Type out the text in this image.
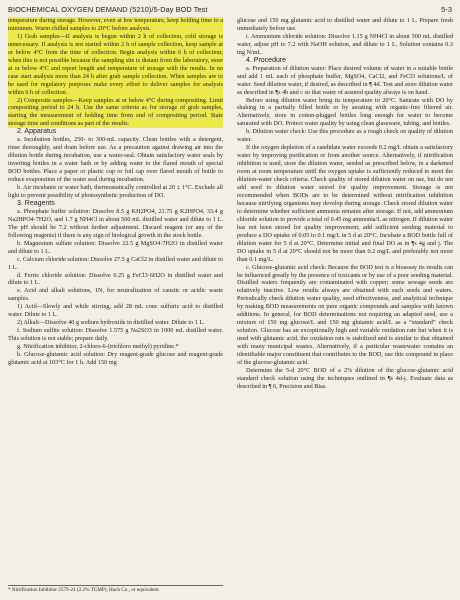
BIOCHEMICAL OXYGEN DEMAND (5210)/5-Day BOD Test	5-3

temperature during storage. However, even at low temperature, keep holding time to a minimum. Warm chilled samples to 20°C before analysis.

1) Grab samples—If analysis is begun within 2 h of collection, cold storage is unnecessary. If analysis is not started within 2 h of sample collection, keep sample at or below 4°C from the time of collection. Begin analysis within 6 h of collection; when this is not possible because the sampling site is distant from the laboratory, store at or below 4°C and report length and temperature of storage with the results. In no case start analysis more than 24 h after grab sample collection. When samples are to be used for regulatory purposes make every effort to deliver samples for analysis within 6 h of collection.

2) Composite samples—Keep samples at or below 4°C during compositing. Limit compositing period to 24 h. Use the same criteria as for storage of grab samples, starting the measurement of holding time from end of compositing period. State storage time and conditions as part of the results.

2. Apparatus

a. Incubation bottles, 250- to 300-mL capacity. Clean bottles with a detergent, rinse thoroughly, and drain before use. As a precaution against drawing air into the dilution bottle during incubation, use a water-seal. Obtain satisfactory water seals by inverting bottles in a water bath or by adding water to the flared mouth of special BOD bottles. Place a paper or plastic cup or foil cap over flared mouth of bottle to reduce evaporation of the water seal during incubation.

b. Air incubator or water bath, thermostatically controlled at 20 ± 1°C. Exclude all light to prevent possibility of photosynthetic production of DO.

3. Reagents

a. Phosphate buffer solution: Dissolve 8.5 g KH2PO4, 21.75 g K2HPO4, 33.4 g Na2HPO4·7H2O, and 1.7 g NH4Cl in about 500 mL distilled water and dilute to 1 L. The pH should be 7.2 without further adjustment. Discard reagent (or any of the following reagents) if there is any sign of biological growth in the stock bottle.

b. Magnesium sulfate solution: Dissolve 22.5 g MgSO4·7H2O in distilled water and dilute to 1 L.

c. Calcium chloride solution: Dissolve 27.5 g CaCl2 in distilled water and dilute to 1 L.

d. Ferric chloride solution: Dissolve 0.25 g FeCl3·6H2O in distilled water and dilute to 1 L.

e. Acid and alkali solutions, 1N, for neutralization of caustic or acidic waste samples.

1) Acid—Slowly and while stirring, add 28 mL conc sulfuric acid to distilled water. Dilute to 1 L.

2) Alkali—Dissolve 40 g sodium hydroxide in distilled water. Dilute to 1 L.

f. Sodium sulfite solution: Dissolve 1.575 g Na2SO3 in 1000 mL distilled water. This solution is not stable; prepare daily.

g. Nitrification inhibitor, 2-chloro-6-(trichloro methyl) pyridine.*

h. Glucose-glutamic acid solution: Dry reagent-grade glucose and reagent-grade glutamic acid at 103°C for 1 h. Add 150 mg

* Nitrification Inhibitor 2579-24 (2.2% TCMP), Hach Co., or equivalent.

glucose and 150 mg glutamic acid to distilled water and dilute to 1 L. Prepare fresh immediately before use.

i. Ammonium chloride solution: Dissolve 1.15 g NH4Cl in about 500 mL distilled water, adjust pH to 7.2 with NaOH solution, and dilute to 1 L. Solution contains 0.3 mg N/mL.

4. Procedure

a. Preparation of dilution water: Place desired volume of water in a suitable bottle and add 1 mL each of phosphate buffer, MgSO4, CaCl2, and FeCl3 solutions/L of water. Seed dilution water, if desired, as described in ¶ 4d. Test and store dilution water as described in ¶s 4b and c so that water of assured quality always is on hand.

Before using dilution water bring its temperature to 20°C. Saturate with DO by shaking in a partially filled bottle or by aerating with organic-free filtered air. Alternatively, store in cotton-plugged bottles long enough for water to become saturated with DO. Protect water quality by using clean glassware, tubing, and bottles.

b. Dilution water check: Use this procedure as a rough check on quality of dilution water.

If the oxygen depletion of a candidate water exceeds 0.2 mg/L obtain a satisfactory water by improving purification or from another source. Alternatively, if nitrification inhibition is used, store the dilution water, seeded as prescribed below, in a darkened room at room temperature until the oxygen uptake is sufficiently reduced to meet the dilution-water check criteria. Check quality of stored dilution water on use, but do not add seed to dilution water stored for quality improvement. Storage is not recommended when BODs are to be determined without nitrification inhibition because nitrifying organisms may develop during storage. Check stored dilution water to determine whether sufficient ammonia remains after storage. If not, add ammonium chloride solution to provide a total of 0.45 mg ammonia/L as nitrogen. If dilution water has not been stored for quality improvement, add sufficient seeding material to produce a DO uptake of 0.05 to 0.1 mg/L in 5 d at 20°C. Incubate a BOD bottle full of dilution water for 5 d at 20°C. Determine initial and final DO as in ¶s 4g and j. The DO uptake in 5 d at 20°C should not be more than 0.2 mg/L and preferably not more than 0.1 mg/L.

c. Glucose-glutamic acid check: Because the BOD test is a bioassay its results can be influenced greatly by the presence of toxicants or by use of a poor seeding material. Distilled waters frequently are contaminated with copper; some sewage seeds are relatively inactive. Low results always are obtained with such seeds and waters. Periodically check dilution water quality, seed effectiveness, and analytical technique by making BOD measurements on pure organic compounds and samples with known additions. In general, for BOD determinations not requiring an adapted seed, use a mixture of 150 mg glucose/L and 150 mg glutamic acid/L as a “standard” check solution. Glucose has an exceptionally high and variable oxidation rate but when it is used with glutamic acid, the oxidation rate is stabilized and is similar to that obtained with many municipal wastes. Alternatively, if a particular wastewater contains an identifiable major constituent that contributes to the BOD, use this compound in place of the glucose-glutamic acid.

Determine the 5-d 20°C BOD of a 2% dilution of the glucose-glutamic acid standard check solution using the techniques outlined in ¶s 4d-j. Evaluate data as described in ¶ 6, Precision and Bias.
